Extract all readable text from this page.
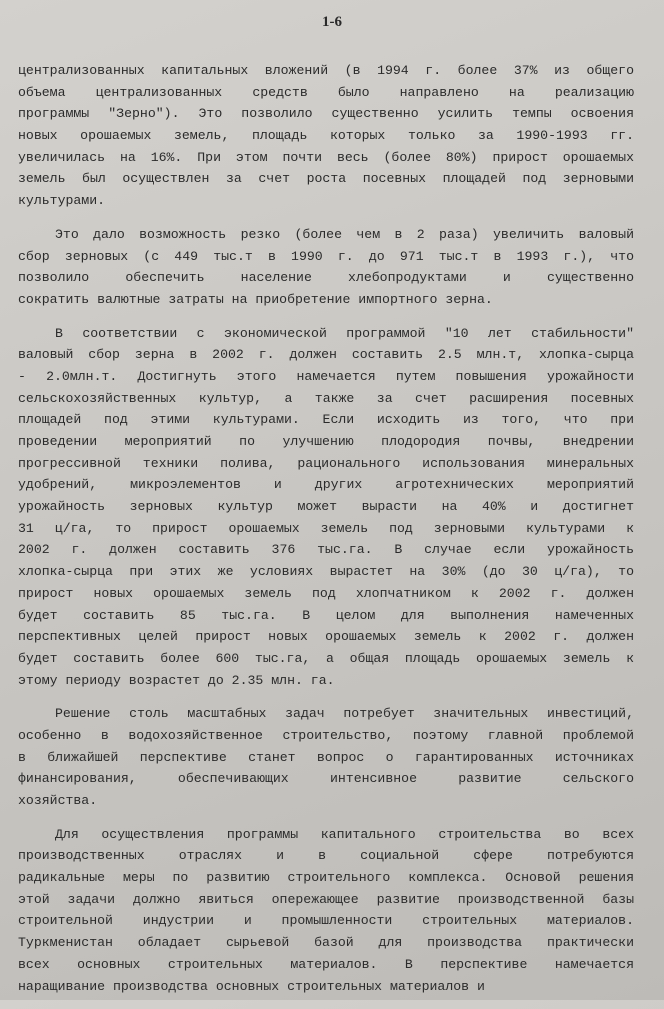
1-6
централизованных капитальных вложений (в 1994 г. более 37% из общего
объема централизованных средств было направлено на реализацию
программы "Зерно"). Это позволило существенно усилить темпы освоения
новых орошаемых земель, площадь которых только за 1990-1993 гг.
увеличилась на 16%. При этом почти весь (более 80%) прирост орошаемых
земель был осуществлен за счет роста посевных площадей под зерновыми
культурами.
Это дало возможность резко (более чем в 2 раза) увеличить валовый
сбор зерновых (с 449 тыс.т в 1990 г. до 971 тыс.т в 1993 г.), что
позволило обеспечить население хлебопродуктами и существенно
сократить валютные затраты на приобретение импортного зерна.
В соответствии с экономической программой "10 лет стабильности"
валовый сбор зерна в 2002 г. должен составить 2.5 млн.т, хлопка-сырца
- 2.0млн.т. Достигнуть этого намечается путем повышения урожайности
сельскохозяйственных культур, а также за счет расширения посевных
площадей под этими культурами. Если исходить из того, что при
проведении мероприятий по улучшению плодородия почвы, внедрении
прогрессивной техники полива, рационального использования минеральных
удобрений, микроэлементов и других агротехнических мероприятий
урожайность зерновых культур может вырасти на 40% и достигнет
31 ц/га, то прирост орошаемых земель под зерновыми культурами к
2002 г. должен составить 376 тыс.га. В случае если урожайность
хлопка-сырца при этих же условиях вырастет на 30% (до 30 ц/га), то
прирост новых орошаемых земель под хлопчатником к 2002 г. должен
будет составить 85 тыс.га. В целом для выполнения намеченных
перспективных целей прирост новых орошаемых земель к 2002 г. должен
будет составить более 600 тыс.га, а общая площадь орошаемых земель к
этому периоду возрастет до 2.35 млн. га.
Решение столь масштабных задач потребует значительных инвестиций,
особенно в водохозяйственное строительство, поэтому главной проблемой
в ближайшей перспективе станет вопрос о гарантированных источниках
финансирования, обеспечивающих интенсивное развитие сельского
хозяйства.
Для осуществления программы капитального строительства во всех
производственных отраслях и в социальной сфере потребуются
радикальные меры по развитию строительного комплекса. Основой решения
этой задачи должно явиться опережающее развитие производственной базы
строительной индустрии и промышленности строительных материалов.
Туркменистан обладает сырьевой базой для производства практически
всех основных строительных материалов. В перспективе намечается
наращивание производства основных строительных материалов и
